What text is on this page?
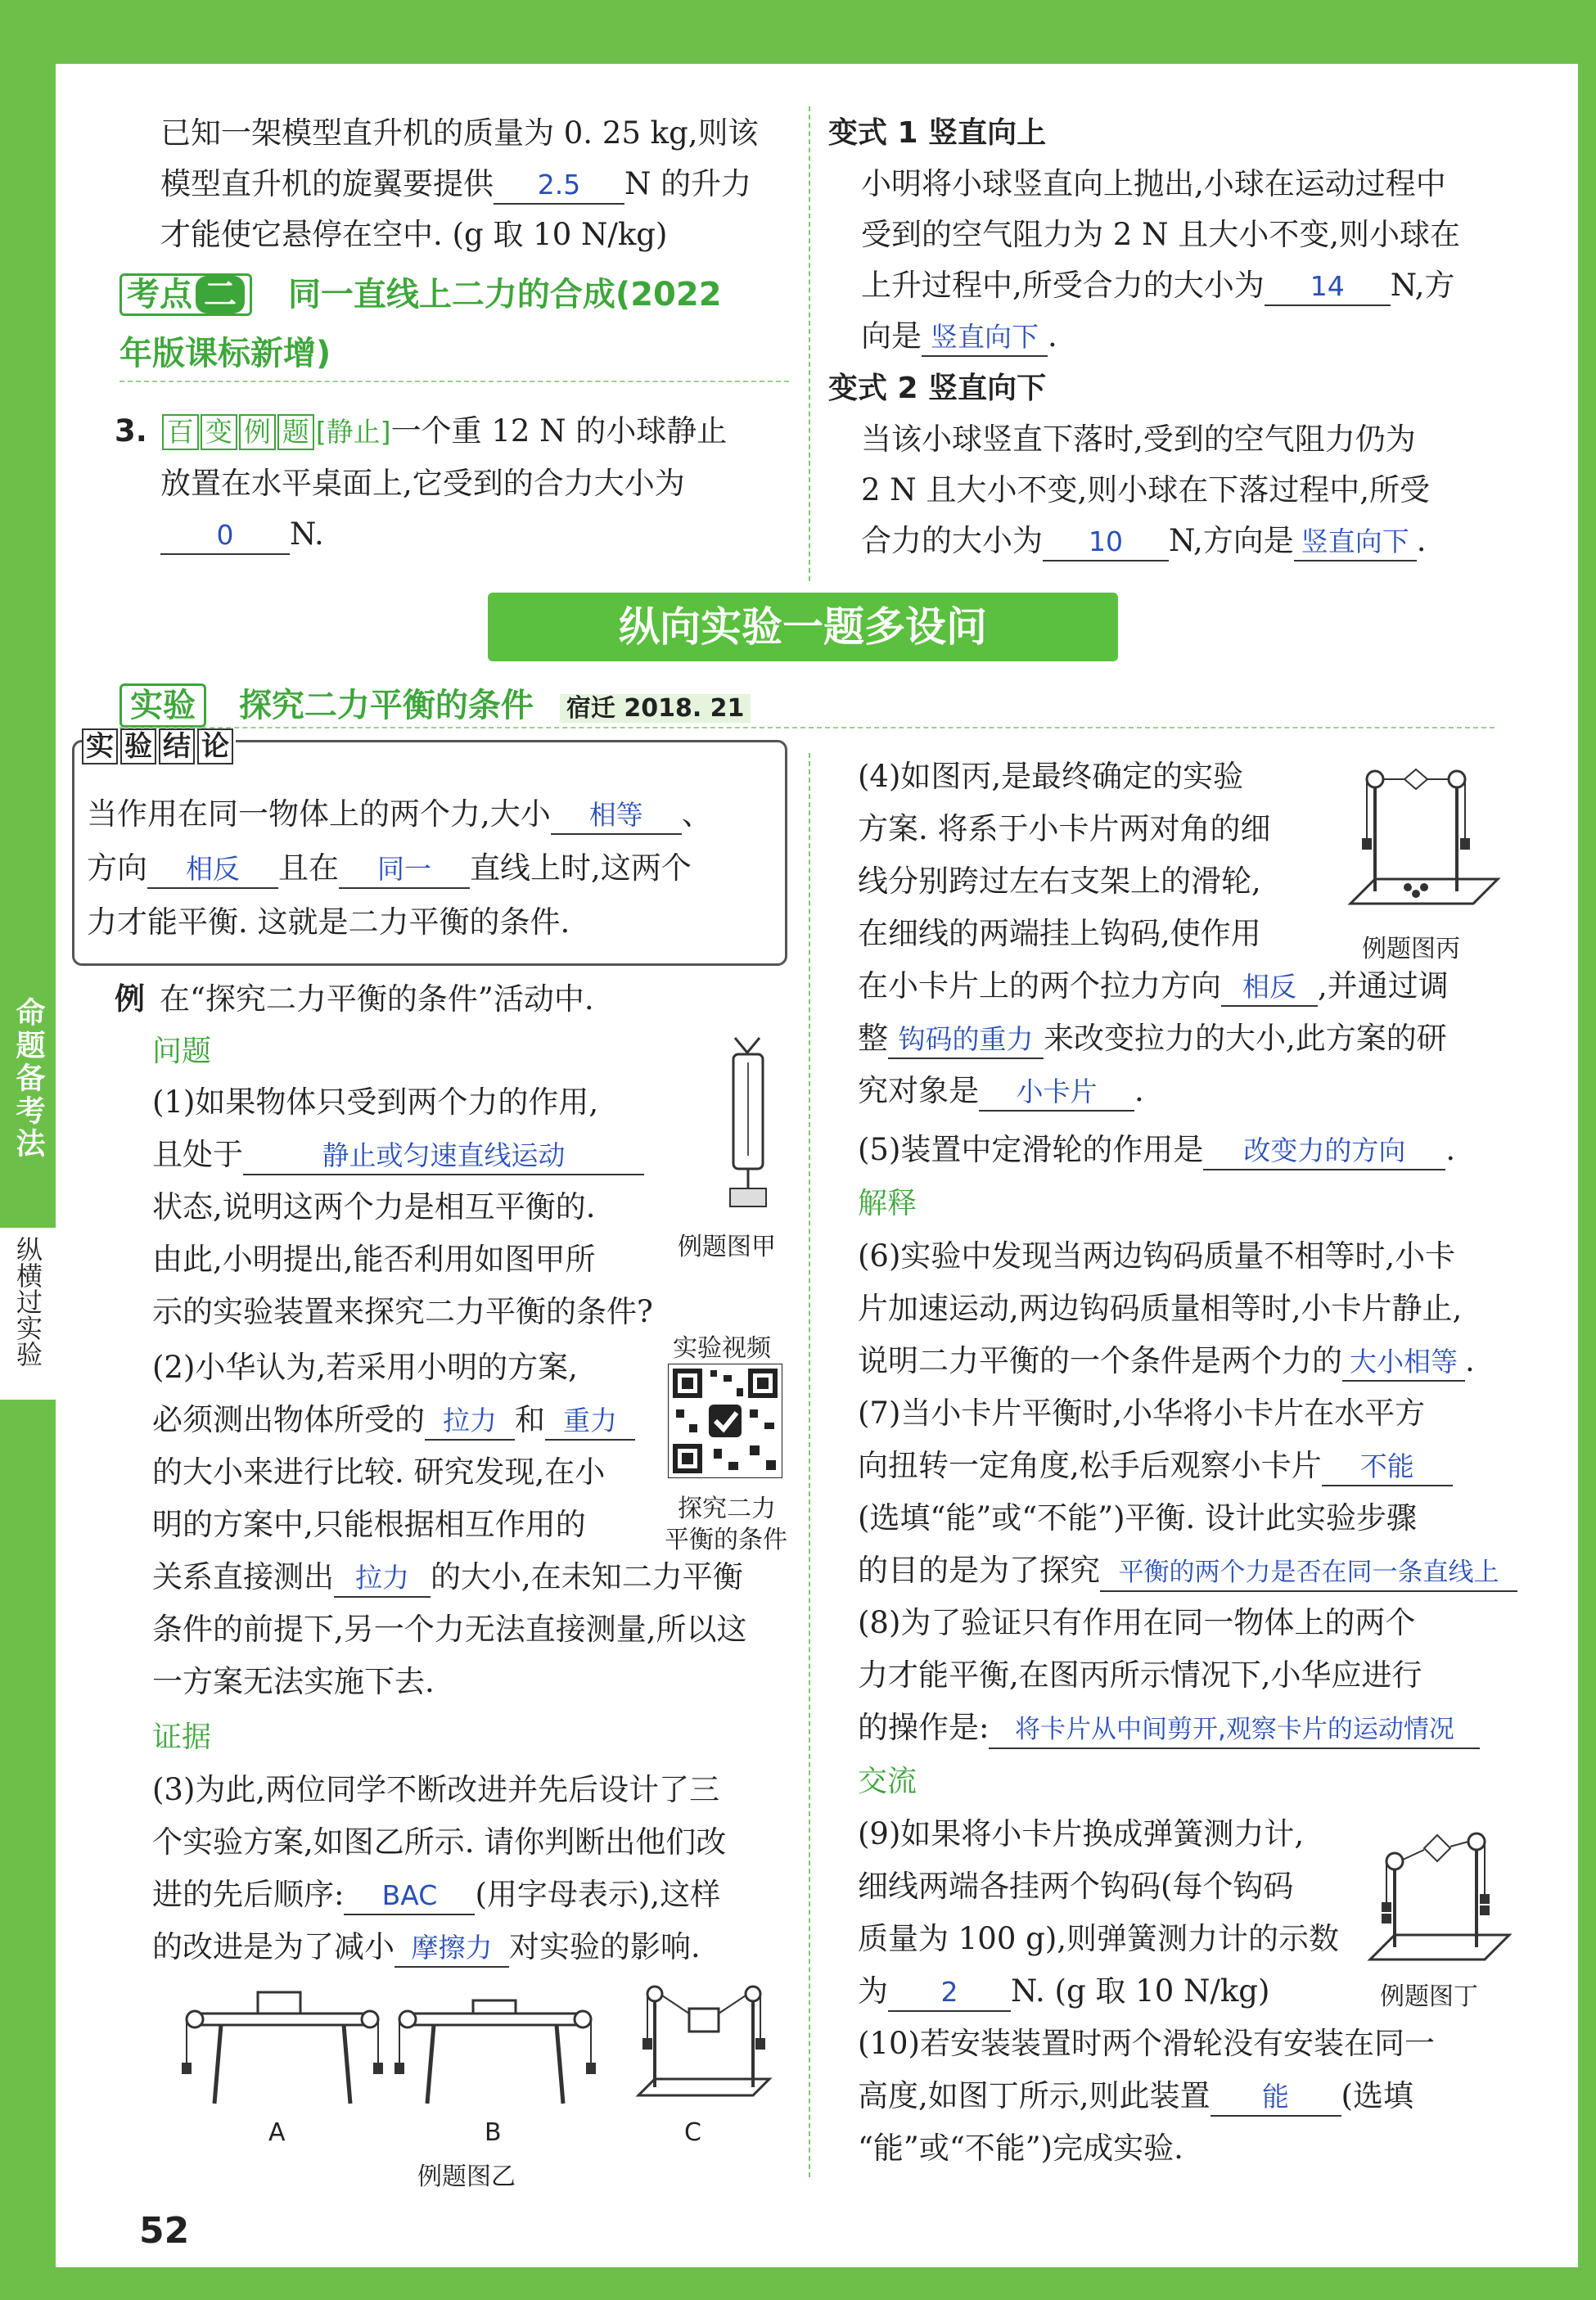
命题备考法
纵横过实验
已知一架模型直升机的质量为 0. 25 kg,则该
模型直升机的旋翼要提供 2.5 N 的升力
才能使它悬停在空中. (g 取 10 N/kg)
考点 二 同一直线上二力的合成(2022
年版课标新增)
3. 百 变 例 题 [静止]一个重 12 N 的小球静止
放置在水平桌面上,它受到的合力大小为
0 N.
变式 1 竖直向上
小明将小球竖直向上抛出,小球在运动过程中
受到的空气阻力为 2 N 且大小不变,则小球在
上升过程中,所受合力的大小为 14 N,方
向是 竖直向下 .
变式 2 竖直向下
当该小球竖直下落时,受到的空气阻力仍为
2 N 且大小不变,则小球在下落过程中,所受
合力的大小为 10 N,方向是 竖直向下 .
纵向实验一题多设问
实验 探究二力平衡的条件 宿迁 2018. 21
实 验 结 论
当作用在同一物体上的两个力,大小 相等 、
方向 相反 且在 同一 直线上时,这两个
力才能平衡. 这就是二力平衡的条件.
例 在“探究二力平衡的条件”活动中.
问题
(1)如果物体只受到两个力的作用,
且处于	静止或匀速直线运动
状态,说明这两个力是相互平衡的.
由此,小明提出,能否利用如图甲所
示的实验装置来探究二力平衡的条件?
例题图甲
(2)小华认为,若采用小明的方案,
必须测出物体所受的 拉力 和 重力
的大小来进行比较. 研究发现,在小
明的方案中,只能根据相互作用的
关系直接测出 拉力 的大小,在未知二力平衡
条件的前提下,另一个力无法直接测量,所以这
一方案无法实施下去.
实验视频
探究二力
平衡的条件
证据
(3)为此,两位同学不断改进并先后设计了三
个实验方案,如图乙所示. 请你判断出他们改
进的先后顺序: BAC (用字母表示),这样
的改进是为了减小 摩擦力 对实验的影响.
A	B	C
例题图乙
(4)如图丙,是最终确定的实验
方案. 将系于小卡片两对角的细
线分别跨过左右支架上的滑轮,
在细线的两端挂上钩码,使作用
在小卡片上的两个拉力方向 相反 ,并通过调
整 钩码的重力 来改变拉力的大小,此方案的研
究对象是 小卡片 .
例题图丙
(5)装置中定滑轮的作用是 改变力的方向 .
解释
(6)实验中发现当两边钩码质量不相等时,小卡
片加速运动,两边钩码质量相等时,小卡片静止,
说明二力平衡的一个条件是两个力的 大小相等 .
(7)当小卡片平衡时,小华将小卡片在水平方
向扭转一定角度,松手后观察小卡片 不能
(选填“能”或“不能”)平衡. 设计此实验步骤
的目的是为了探究 平衡的两个力是否在同一条直线上
(8)为了验证只有作用在同一物体上的两个
力才能平衡,在图丙所示情况下,小华应进行
的操作是: 将卡片从中间剪开,观察卡片的运动情况
交流
(9)如果将小卡片换成弹簧测力计,
细线两端各挂两个钩码(每个钩码
质量为 100 g),则弹簧测力计的示数
为 2 N. (g 取 10 N/kg)	例题图丁
(10)若安装装置时两个滑轮没有安装在同一
高度,如图丁所示,则此装置 能 (选填
“能”或“不能”)完成实验.
52
